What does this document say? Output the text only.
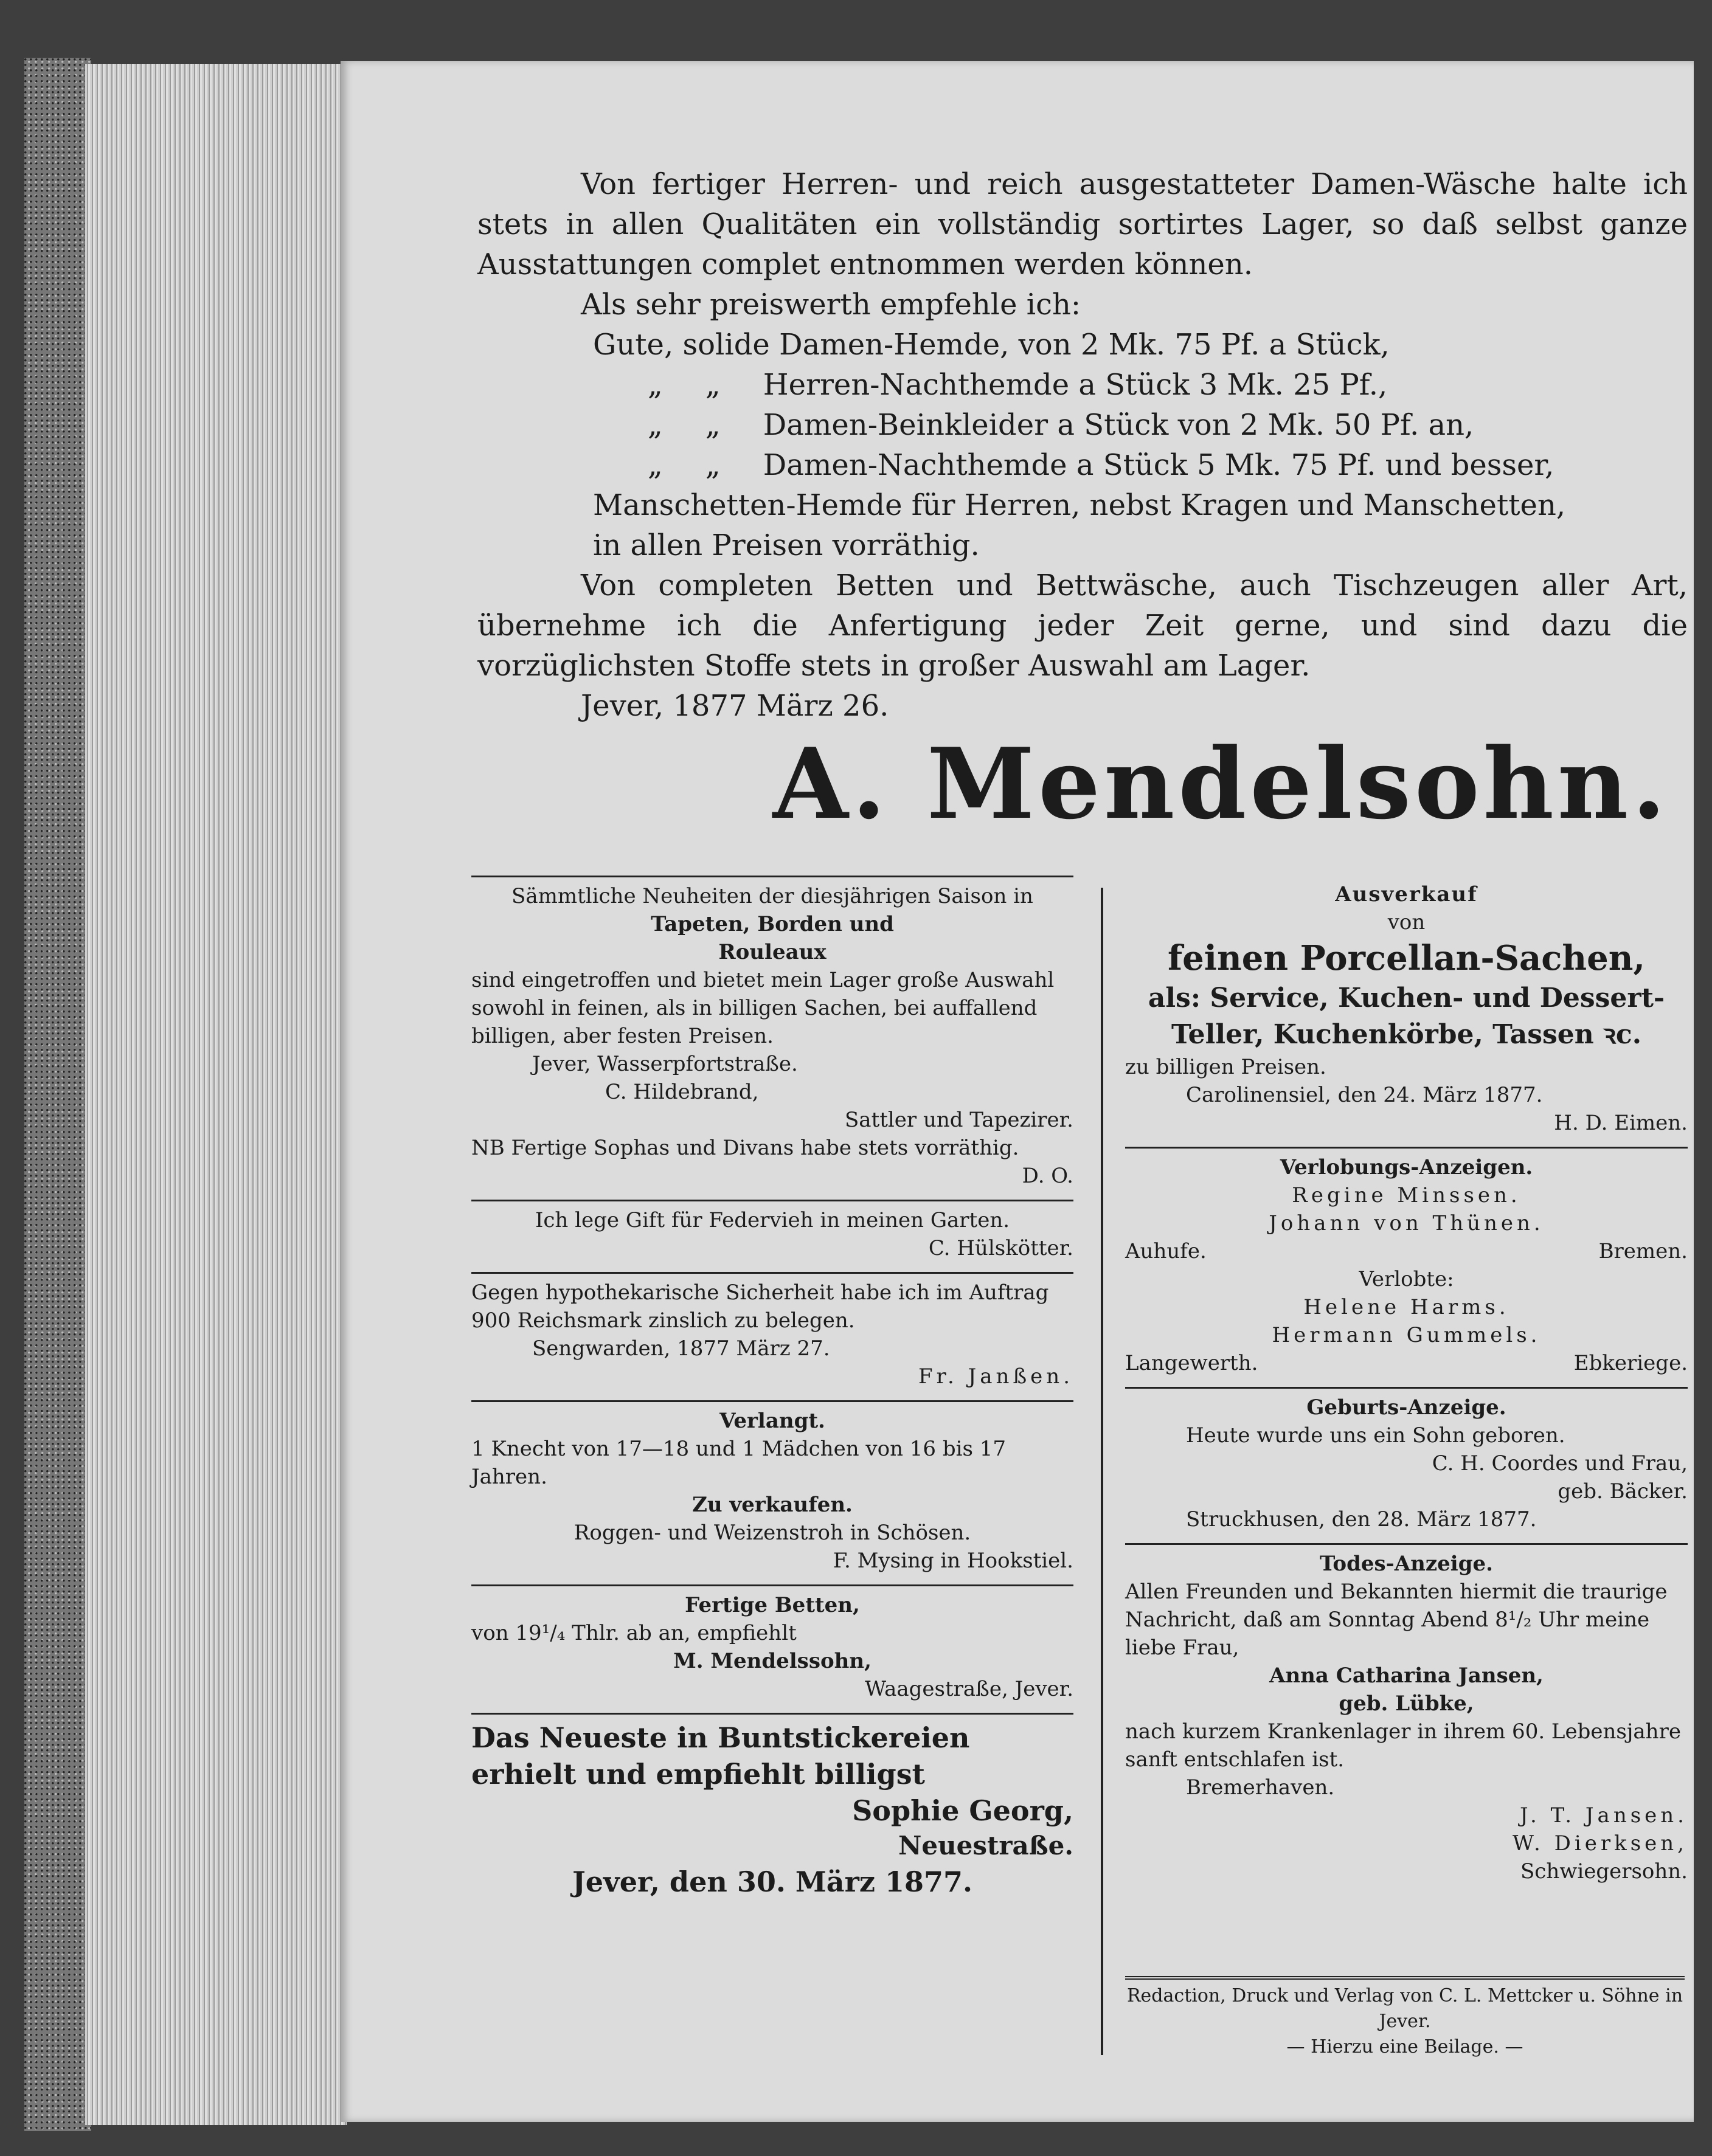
Von fertiger Herren- und reich ausgestatteter Damen-Wäsche halte ich stets in allen Qualitäten ein vollständig sortirtes Lager, so daß selbst ganze Ausstattungen complet entnommen werden können.

Als sehr preiswerth empfehle ich:

Gute, solide Damen-Hemde, von 2 Mk. 75 Pf. a Stück,

„ „ Herren-Nachthemde a Stück 3 Mk. 25 Pf.,

„ „ Damen-Beinkleider a Stück von 2 Mk. 50 Pf. an,

„ „ Damen-Nachthemde a Stück 5 Mk. 75 Pf. und besser,

Manschetten-Hemde für Herren, nebst Kragen und Manschetten,

in allen Preisen vorräthig.

Von completen Betten und Bettwäsche, auch Tischzeugen aller Art, übernehme ich die Anfertigung jeder Zeit gerne, und sind dazu die vorzüglichsten Stoffe stets in großer Auswahl am Lager.

Jever, 1877 März 26.

A. Mendelsohn.

Sämmtliche Neuheiten der diesjährigen Saison in

Tapeten, Borden und

Rouleaux

sind eingetroffen und bietet mein Lager große Auswahl sowohl in feinen, als in billigen Sachen, bei auffallend billigen, aber festen Preisen.

Jever, Wasserpfortstraße.

C. Hildebrand,

Sattler und Tapezirer.

NB Fertige Sophas und Divans habe stets vorräthig.

D. O.

Ich lege Gift für Federvieh in meinen Garten.

C. Hülskötter.

Gegen hypothekarische Sicherheit habe ich im Auftrag 900 Reichsmark zinslich zu belegen.

Sengwarden, 1877 März 27.

Fr. Janßen.

Verlangt.

1 Knecht von 17—18 und 1 Mädchen von 16 bis 17 Jahren.

Zu verkaufen.

Roggen- und Weizenstroh in Schösen.

F. Mysing in Hookstiel.

Fertige Betten,

von 19¹/₄ Thlr. ab an, empfiehlt

M. Mendelssohn,

Waagestraße, Jever.

Das Neueste in Buntstickereien erhielt und empfiehlt billigst

Sophie Georg,

Neuestraße.

Jever, den 30. März 1877.

Ausverkauf

von

feinen Porcellan-Sachen,

als: Service, Kuchen- und Dessert-Teller, Kuchenkörbe, Tassen ꝛc.

zu billigen Preisen.

Carolinensiel, den 24. März 1877.

H. D. Eimen.

Verlobungs-Anzeigen.

Regine Minssen.

Johann von Thünen.

Auhufe.	Bremen.

Verlobte:

Helene Harms.

Hermann Gummels.

Langewerth.	Ebkeriege.

Geburts-Anzeige.

Heute wurde uns ein Sohn geboren.

C. H. Coordes und Frau,

geb. Bäcker.

Struckhusen, den 28. März 1877.

Todes-Anzeige.

Allen Freunden und Bekannten hiermit die traurige Nachricht, daß am Sonntag Abend 8¹/₂ Uhr meine liebe Frau,

Anna Catharina Jansen,

geb. Lübke,

nach kurzem Krankenlager in ihrem 60. Lebensjahre sanft entschlafen ist.

Bremerhaven.

J. T. Jansen.

W. Dierksen,

Schwiegersohn.

Redaction, Druck und Verlag von C. L. Mettcker u. Söhne in Jever.

— Hierzu eine Beilage. —
